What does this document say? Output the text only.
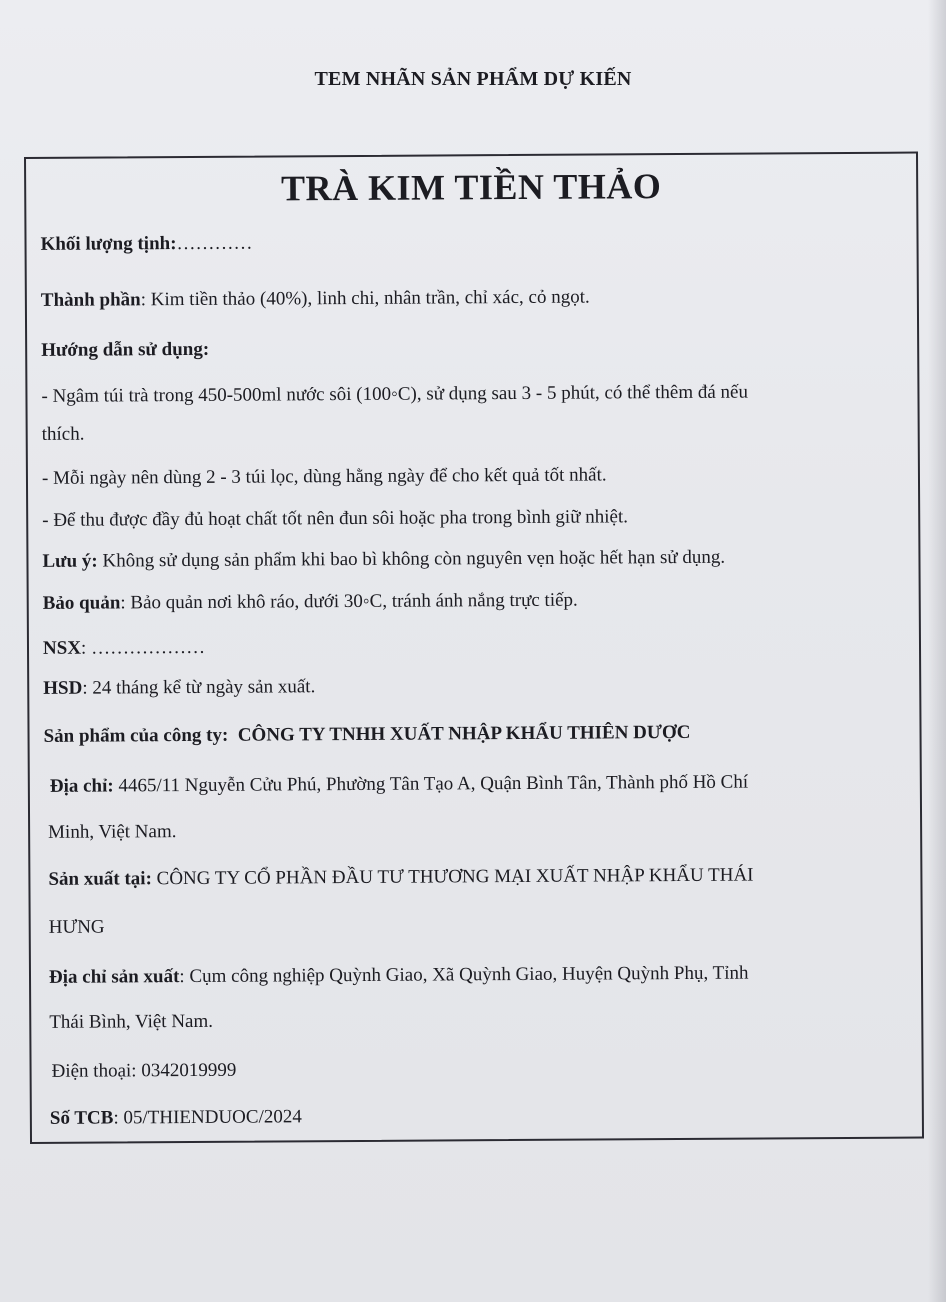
TEM NHÃN SẢN PHẨM DỰ KIẾN
TRÀ KIM TIỀN THẢO
Khối lượng tịnh:…………
Thành phần: Kim tiền thảo (40%), linh chi, nhân trần, chỉ xác, cỏ ngọt.
Hướng dẫn sử dụng:
- Ngâm túi trà trong 450-500ml nước sôi (100◦C), sử dụng sau 3 - 5 phút, có thể thêm đá nếu
thích.
- Mỗi ngày nên dùng 2 - 3 túi lọc, dùng hằng ngày để cho kết quả tốt nhất.
- Để thu được đầy đủ hoạt chất tốt nên đun sôi hoặc pha trong bình giữ nhiệt.
Lưu ý: Không sử dụng sản phẩm khi bao bì không còn nguyên vẹn hoặc hết hạn sử dụng.
Bảo quản: Bảo quản nơi khô ráo, dưới 30◦C, tránh ánh nắng trực tiếp.
NSX: ………………
HSD: 24 tháng kể từ ngày sản xuất.
Sản phẩm của công ty: CÔNG TY TNHH XUẤT NHẬP KHẨU THIÊN DƯỢC
Địa chỉ: 4465/11 Nguyễn Cửu Phú, Phường Tân Tạo A, Quận Bình Tân, Thành phố Hồ Chí
Minh, Việt Nam.
Sản xuất tại: CÔNG TY CỔ PHẦN ĐẦU TƯ THƯƠNG MẠI XUẤT NHẬP KHẨU THÁI
HƯNG
Địa chỉ sản xuất: Cụm công nghiệp Quỳnh Giao, Xã Quỳnh Giao, Huyện Quỳnh Phụ, Tỉnh
Thái Bình, Việt Nam.
Điện thoại: 0342019999
Số TCB: 05/THIENDUOC/2024
